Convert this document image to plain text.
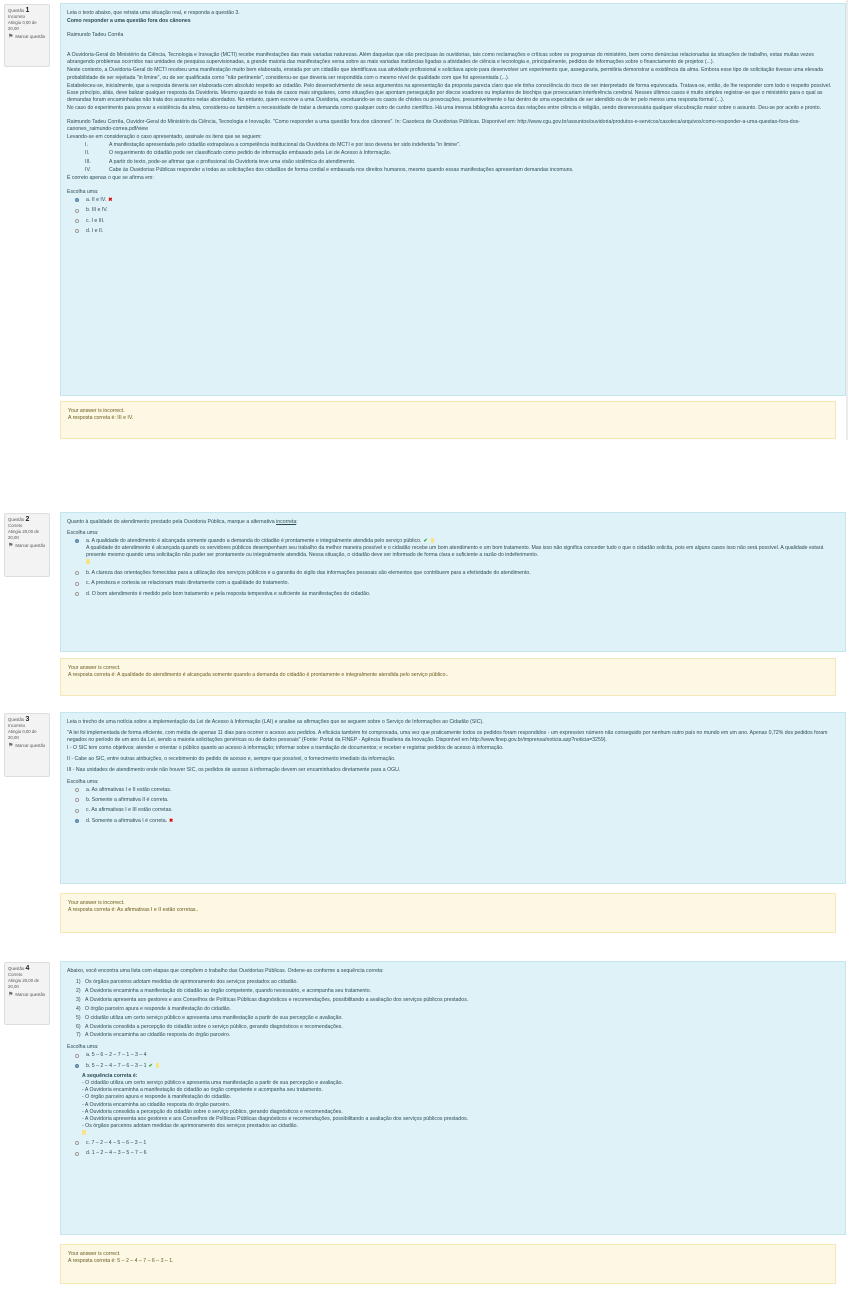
Questão 1
Incorreto
Atingiu 0,00 de 20,00
⚑ Marcar questão

Leia o texto abaixo, que retrata uma situação real, e responda a questão 3.

Como responder a uma questão fora dos cânones

Raimundo Tadeu Corrêa

A Ouvidoria-Geral do Ministério da Ciência, Tecnologia e Inovação (MCTI) recebe manifestações das mais variadas naturezas. Além daquelas que são precípuas às ouvidorias, tais como reclamações e críticas sobre os programas do ministério, bem como denúncias relacionadas às situações de trabalho, estas muitas vezes abrangendo problemas ocorridos nas unidades de pesquisa supervisionadas, a grande maioria das manifestações versa sobre as mais variadas instâncias ligadas a atividades de ciência e tecnologia e, principalmente, pedidos de informações sobre o financiamento de projetos (...).

Neste contexto, a Ouvidoria-Geral do MCTI recebeu uma manifestação muito bem elaborada, enviada por um cidadão que identificava sua atividade profissional e solicitava apoio para desenvolver um experimento que, asseguraria, permitiria demonstrar a existência da alma. Embora esse tipo de solicitação tivesse uma elevada probabilidade de ser rejeitada "in limine", ou de ser qualificada como "não pertinente", considerou-se que deveria ser respondida com o mesmo nível de qualidade com que foi apresentada (...).

Estabeleceu-se, inicialmente, que a resposta deveria ser elaborada com absoluto respeito ao cidadão. Pelo desenvolvimento de seus argumentos na apresentação da proposta parecia claro que ele tinha consciência do risco de ser interpretado de forma equivocada. Tratava-se, então, de lhe responder com todo o respeito possível. Esse princípio, aliás, deve balizar qualquer resposta da Ouvidoria. Mesmo quando se trata de casos mais singulares, como situações que apontam perseguição por discos voadores ou implantes de biochips que provocariam interferência cerebral. Nesses últimos casos é muito simples registrar-se que o ministério para o qual as demandas foram encaminhadas não trata dos assuntos nelas abordados. No entanto, quem escreve a uma Ouvidoria, excetuando-se os casos de chistes ou provocações, presumivelmente o faz dentro de uma expectativa de ser atendido ou de ter pelo menos uma resposta formal (...).

No caso do experimento para provar a existência da alma, considerou-se também a necessidade de tratar a demanda como qualquer outro de cunho científico. Há uma imensa bibliografia acerca das relações entre ciência e religião, sendo desnecessária qualquer elucubração maior sobre o assunto. Deu-se por aceito e pronto.

Raimundo Tadeu Corrêa, Ouvidor-Geral do Ministério da Ciência, Tecnologia e Inovação. "Como responder a uma questão fora dos cânones". In: Casoteca de Ouvidorias Públicas. Disponível em: http://www.cgu.gov.br/assuntos/ouvidoria/produtos-e-servicos/casoteca/arquivos/como-responder-a-uma-questao-fora-dos-canones_raimundo-correa.pdf/view

Levando-se em consideração o caso apresentado, assinale os itens que se seguem:

I.	A manifestação apresentada pelo cidadão extrapolava a competência institucional da Ouvidoria do MCTI e por isso deveria ter sido indeferida "in limine".
II.	O requerimento do cidadão pode ser classificado como pedido de informação embasado pela Lei de Acesso à Informação.
III.	A partir do texto, pode-se afirmar que o profissional da Ouvidoria teve uma visão sistêmica do atendimento.
IV.	Cabe às Ouvidorias Públicas responder a todas as solicitações dos cidadãos de forma cordial e embasada nos direitos humanos, mesmo quando essas manifestações apresentam demandas incomuns.

É correto apenas o que se afirma em:

Escolha uma:

a. II e IV. ✖
b. III e IV.
c. I e III.
d. I e II.

Your answer is incorrect.

A resposta correta é: III e IV.

Questão 2
Correto
Atingiu 20,00 de 20,00
⚑ Marcar questão

Quanto à qualidade do atendimento prestado pela Ouvidoria Pública, marque a alternativa incorreta:

Escolha uma:

a. A qualidade do atendimento é alcançada somente quando a demanda do cidadão é prontamente e integralmente atendida pelo serviço público. ✔
A qualidade do atendimento é alcançada quando os servidores públicos desempenham seu trabalho da melhor maneira possível e o cidadão recebe um bom atendimento e um bom tratamento. Mas isso não significa conceder tudo o que o cidadão solicita, pois em alguns casos isso não será possível. A qualidade estará presente mesmo quando uma solicitação não puder ser prontamente ou integralmente atendida. Nessa situação, o cidadão deve ser informado de forma clara e suficiente a razão do indeferimento.

b. A clareza das orientações fornecidas para a utilização dos serviços públicos e a garantia do sigilo das informações pessoais são elementos que contribuem para a efetividade do atendimento.
c. A presteza e cortesia se relacionam mais diretamente com a qualidade do tratamento.
d. O bom atendimento é medido pelo bom tratamento e pela resposta tempestiva e suficiente às manifestações do cidadão.

Your answer is correct.

A resposta correta é: A qualidade do atendimento é alcançada somente quando a demanda do cidadão é prontamente e integralmente atendida pelo serviço público..

Questão 3
Incorreto
Atingiu 0,00 de 20,00
⚑ Marcar questão

Leia o trecho de uma notícia sobre a implementação da Lei de Acesso à Informação (LAI) e analise as afirmações que se seguem sobre o Serviço de Informações ao Cidadão (SIC).

"A lei foi implementada de forma eficiente, com média de apenas 11 dias para ocorrer o acesso aos pedidos. A eficácia também foi comprovada, uma vez que praticamente todos os pedidos foram respondidos - um expressivo número não conseguido por nenhum outro país no mundo em um ano. Apenas 0,72% dos pedidos foram negados no período de um ano da Lei, sendo a maioria solicitações genéricas ou de dados pessoais" (Fonte: Portal da FINEP - Agência Brasileira da Inovação. Disponível em http://www.finep.gov.br/imprensa/noticia.asp?noticia=3259).

I - O SIC tem como objetivos: atender e orientar o público quanto ao acesso à informação; informar sobre a tramitação de documentos; e receber e registrar pedidos de acesso à informação.

II - Cabe ao SIC, entre outras atribuições, o recebimento do pedido de acesso e, sempre que possível, o fornecimento imediato da informação.

III - Nas unidades de atendimento onde não houver SIC, os pedidos de acesso à informação devem ser encaminhados diretamente para a OGU.

Escolha uma:

a. As afirmativas I e II estão corretas.
b. Somente a afirmativa II é correta.
c. As afirmativas I e III estão corretas.
d. Somente a afirmativa I é correta. ✖

Your answer is incorrect.

A resposta correta é: As afirmativas I e II estão corretas..

Questão 4
Correto
Atingiu 20,00 de 20,00
⚑ Marcar questão

Abaixo, você encontra uma lista com etapas que compõem o trabalho das Ouvidorias Públicas. Ordene-as conforme a sequência correta:

1) Os órgãos parceiros adotam medidas de aprimoramento dos serviços prestados ao cidadão.
2) A Ouvidoria encaminha a manifestação do cidadão ao órgão competente, quando necessário, e acompanha seu tratamento.
3) A Ouvidoria apresenta aos gestores e aos Conselhos de Políticas Públicas diagnósticos e recomendações, possibilitando a avaliação dos serviços públicos prestados.
4) O órgão parceiro apura e responde à manifestação do cidadão.
5) O cidadão utiliza um certo serviço público e apresenta uma manifestação a partir de sua percepção e avaliação.
6) A Ouvidoria consolida a percepção do cidadão sobre o serviço público, gerando diagnósticos e recomendações.
7) A Ouvidoria encaminha ao cidadão resposta do órgão parceiro.

Escolha uma:

a. 5 – 6 – 2 – 7 – 1 – 3 – 4
b. 5 – 2 – 4 – 7 – 6 – 3 – 1 ✔

A sequência correta é:

- O cidadão utiliza um certo serviço público e apresenta uma manifestação a partir de sua percepção e avaliação.

- A Ouvidoria encaminha a manifestação do cidadão ao órgão competente e acompanha seu tratamento.

- O órgão parceiro apura e responde à manifestação do cidadão.

- A Ouvidoria encaminha ao cidadão resposta do órgão parceiro.

- A Ouvidoria consolida a percepção do cidadão sobre o serviço público, gerando diagnósticos e recomendações.

- A Ouvidoria apresenta aos gestores e aos Conselhos de Políticas Públicas diagnósticos e recomendações, possibilitando a avaliação dos serviços públicos prestados.

- Os órgãos parceiros adotam medidas de aprimoramento dos serviços prestados ao cidadão.

c. 7 – 2 – 4 – 5 – 6 – 3 – 1
d. 1 – 2 – 4 – 3 – 5 – 7 – 6

Your answer is correct.

A resposta correta é: 5 – 2 – 4 – 7 – 6 – 3 – 1.
